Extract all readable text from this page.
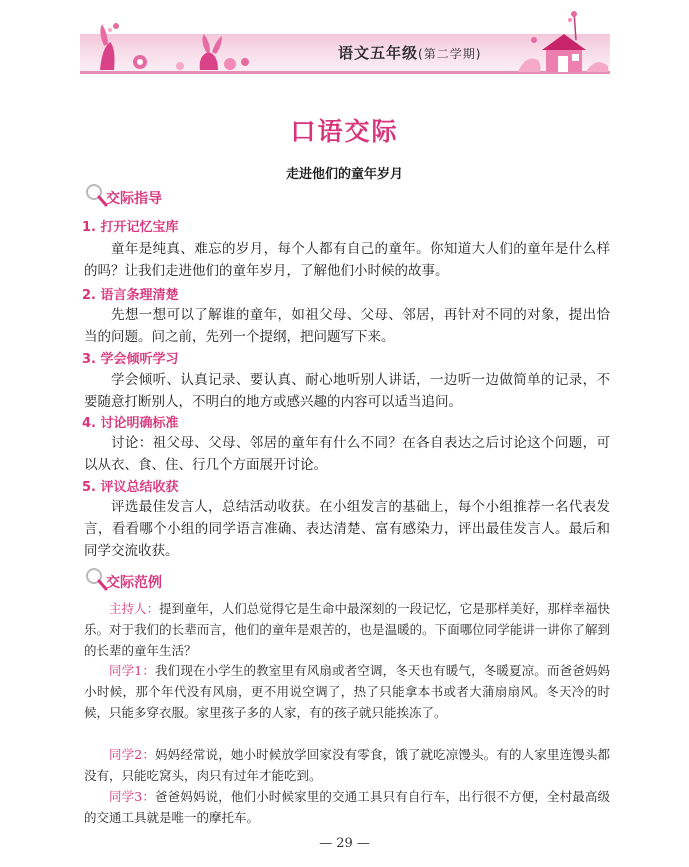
语文五年级(第二学期)
口语交际
走进他们的童年岁月
交际指导
1. 打开记忆宝库
童年是纯真、难忘的岁月，每个人都有自己的童年。你知道大人们的童年是什么样的吗？让我们走进他们的童年岁月，了解他们小时候的故事。
2. 语言条理清楚
先想一想可以了解谁的童年，如祖父母、父母、邻居，再针对不同的对象，提出恰当的问题。问之前，先列一个提纲，把问题写下来。
3. 学会倾听学习
学会倾听、认真记录、要认真、耐心地听别人讲话，一边听一边做简单的记录，不要随意打断别人，不明白的地方或感兴趣的内容可以适当追问。
4. 讨论明确标准
讨论：祖父母、父母、邻居的童年有什么不同？在各自表达之后讨论这个问题，可以从衣、食、住、行几个方面展开讨论。
5. 评议总结收获
评选最佳发言人，总结活动收获。在小组发言的基础上，每个小组推荐一名代表发言，看看哪个小组的同学语言准确、表达清楚、富有感染力，评出最佳发言人。最后和同学交流收获。
交际范例
主持人：提到童年，人们总觉得它是生命中最深刻的一段记忆，它是那样美好，那样幸福快乐。对于我们的长辈而言，他们的童年是艰苦的，也是温暖的。下面哪位同学能讲一讲你了解到的长辈的童年生活？
同学1：我们现在小学生的教室里有风扇或者空调，冬天也有暖气，冬暖夏凉。而爸爸妈妈小时候，那个年代没有风扇，更不用说空调了，热了只能拿本书或者大蒲扇扇风。冬天冷的时候，只能多穿衣服。家里孩子多的人家，有的孩子就只能挨冻了。
同学2：妈妈经常说，她小时候放学回家没有零食，饿了就吃凉馒头。有的人家里连馒头都没有，只能吃窝头，肉只有过年才能吃到。
同学3：爸爸妈妈说，他们小时候家里的交通工具只有自行车，出行很不方便，全村最高级的交通工具就是唯一的摩托车。
— 29 —
